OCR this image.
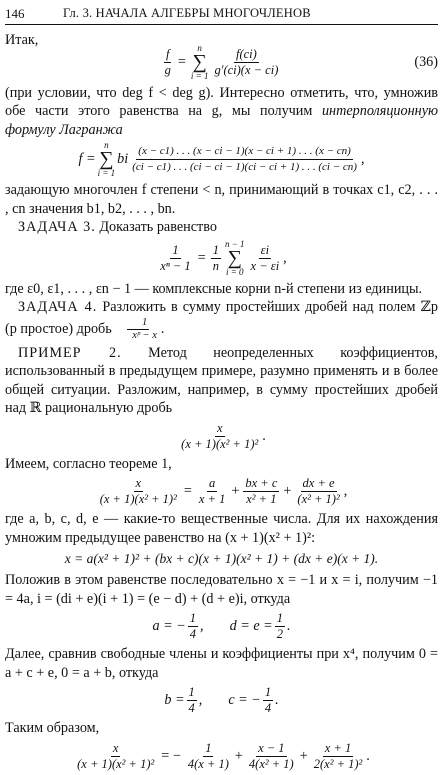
146	Гл. 3. НАЧАЛА АЛГЕБРЫ МНОГОЧЛЕНОВ

Итак,

$\frac{f}{g}$ =
n
∑
$i = 1 \frac{f(ci)}{g'(ci)(x - ci)}$	(36)

(при условии, что deg f < deg g). Интересно отметить, что, умножив обе части этого равенства на g, мы получим интерполяционную формулу Лагранжа

f =
n
∑
i = 1
bi $\frac{(x - c1) . . . (x - ci - 1)(x - ci + 1) . . . (x - cn)}{(ci - c1) . . . (ci - ci - 1)(ci - ci + 1) . . . (ci - cn)}$ ,

задающую многочлен f степени < n, принимающий в точках c1, c2, . . . , cn значения b1, b2, . . . , bn.

ЗАДАЧА 3. Доказать равенство

$\frac{1}{\text{xⁿ − 1}} = \frac{1}{n}$ n − 1
∑
$i = 0 \frac{\varepsilon i}{x - \varepsilon i}$ ,

где ε0, ε1, . . . , εn − 1 — комплексные корни n-й степени из единицы.

ЗАДАЧА 4. Разложить в сумму простейших дробей над полем ℤp (p простое) дробь $\frac{1}{\text{xᵖ − x}}$ .

ПРИМЕР 2. Метод неопределенных коэффициентов, использованный в предыдущем примере, разумно применять и в более общей ситуации. Разложим, например, в сумму простейших дробей над ℝ рациональную дробь

$\frac{x}{\text{(x + 1)(x² + 1)²}}$ .

Имеем, согласно теореме 1,

$\frac{x}{\text{(x + 1)(x² + 1)²}} = \frac{a}{x + 1} + \frac{bx + c}{\text{x² + 1}} + \frac{dx + e}{\text{(x² + 1)²}}$ ,

где a, b, c, d, e — какие-то вещественные числа. Для их нахождения умножим предыдущее равенство на (x + 1)(x² + 1)²:

x = a(x² + 1)² + (bx + c)(x + 1)(x² + 1) + (dx + e)(x + 1).

Положив в этом равенстве последовательно x = −1 и x = i, получим −1 = 4a, i = (di + e)(i + 1) = (e − d) + (d + e)i, откуда

a = − $\frac{1}{4}$ , $d = e = \frac{1}{2}$ .

Далее, сравнив свободные члены и коэффициенты при x⁴, получим 0 = a + c + e, 0 = a + b, откуда

$b = \frac{1}{4}$ , c = − $\frac{1}{4}$ .

Таким образом,

$\frac{x}{\text{(x + 1)(x² + 1)²}}$ = − $\frac{1}{4(x + 1)} + \frac{x - 1}{\text{4(x² + 1)}} + \frac{x + 1}{\text{2(x² + 1)²}}$ .
